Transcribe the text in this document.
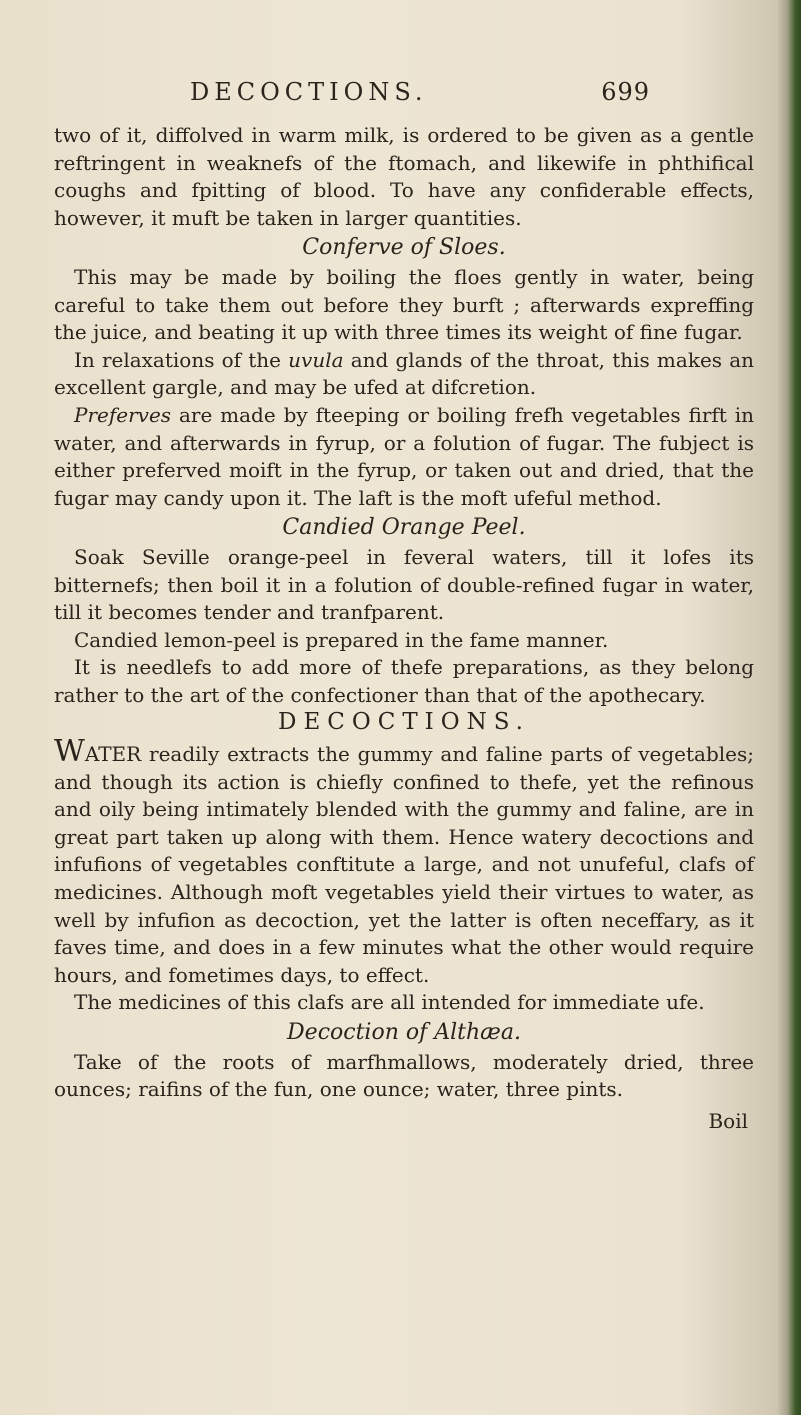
DECOCTIONS.	699

two of it, diffolved in warm milk, is ordered to be given as a gentle reftringent in weaknefs of the ftomach, and likewife in phthifical coughs and fpitting of blood. To have any confiderable effects, however, it muft be taken in larger quantities.

Conferve of Sloes.

This may be made by boiling the floes gently in water, being careful to take them out before they burft ; afterwards expreffing the juice, and beating it up with three times its weight of fine fugar.

In relaxations of the uvula and glands of the throat, this makes an excellent gargle, and may be ufed at difcretion.

Preferves are made by fteeping or boiling frefh vegetables firft in water, and afterwards in fyrup, or a folution of fugar. The fubject is either preferved moift in the fyrup, or taken out and dried, that the fugar may candy upon it. The laft is the moft ufeful method.

Candied Orange Peel.

Soak Seville orange-peel in feveral waters, till it lofes its bitternefs; then boil it in a folution of double-refined fugar in water, till it becomes tender and tranfparent.

Candied lemon-peel is prepared in the fame manner.

It is needlefs to add more of thefe preparations, as they belong rather to the art of the confectioner than that of the apothecary.

DECOCTIONS.

WATER readily extracts the gummy and faline parts of vegetables; and though its action is chiefly confined to thefe, yet the refinous and oily being intimately blended with the gummy and faline, are in great part taken up along with them. Hence watery decoctions and infufions of vegetables conftitute a large, and not unufeful, clafs of medicines. Although moft vegetables yield their virtues to water, as well by infufion as decoction, yet the latter is often neceffary, as it faves time, and does in a few minutes what the other would require hours, and fometimes days, to effect.

The medicines of this clafs are all intended for immediate ufe.

Decoction of Althæa.

Take of the roots of marfhmallows, moderately dried, three ounces; raifins of the fun, one ounce; water, three pints.

Boil
